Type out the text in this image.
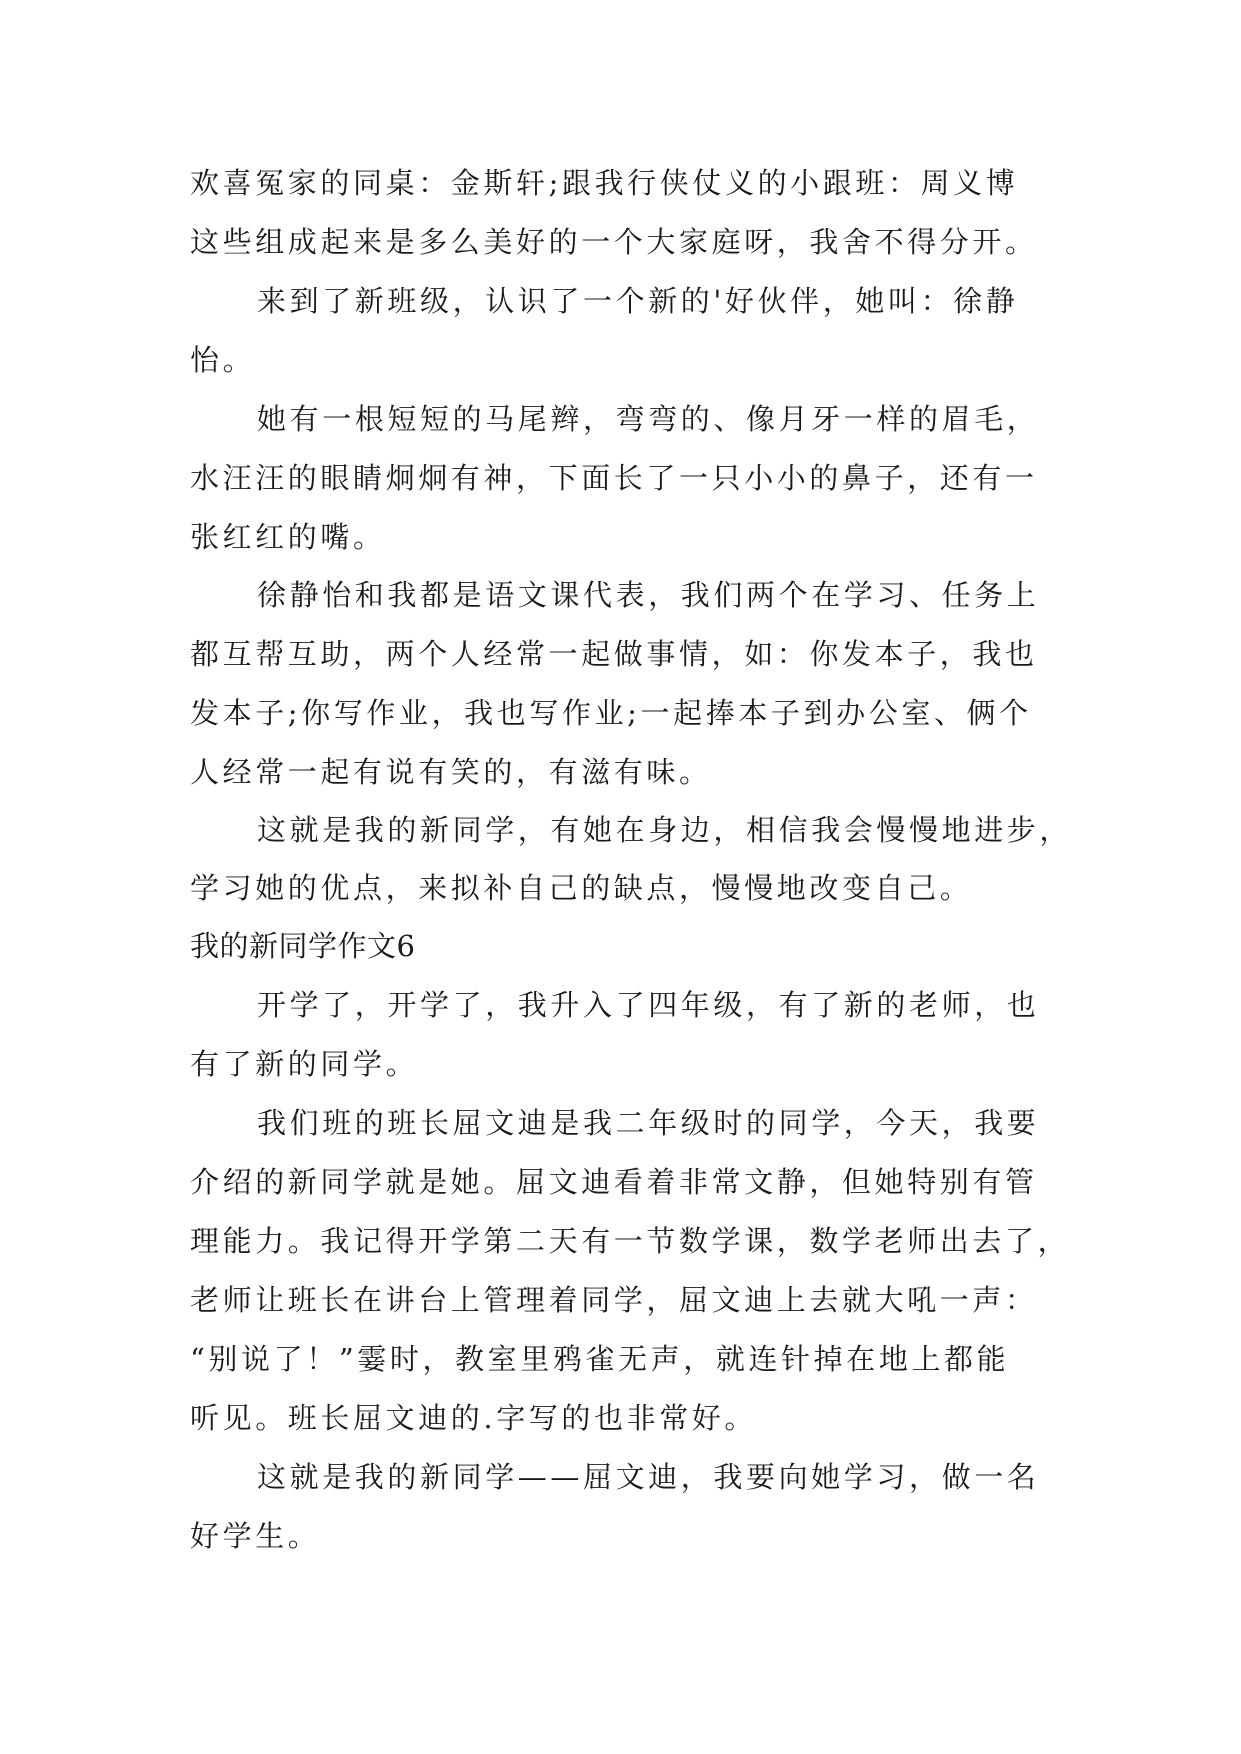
欢喜冤家的同桌：金斯轩;跟我行侠仗义的小跟班：周义博
这些组成起来是多么美好的一个大家庭呀，我舍不得分开。
来到了新班级，认识了一个新的'好伙伴，她叫：徐静
怡。
她有一根短短的马尾辫，弯弯的、像月牙一样的眉毛，
水汪汪的眼睛炯炯有神，下面长了一只小小的鼻子，还有一
张红红的嘴。
徐静怡和我都是语文课代表，我们两个在学习、任务上
都互帮互助，两个人经常一起做事情，如：你发本子，我也
发本子;你写作业，我也写作业;一起捧本子到办公室、俩个
人经常一起有说有笑的，有滋有味。
这就是我的新同学，有她在身边，相信我会慢慢地进步，
学习她的优点，来拟补自己的缺点，慢慢地改变自己。
我的新同学作文6
开学了，开学了，我升入了四年级，有了新的老师，也
有了新的同学。
我们班的班长屈文迪是我二年级时的同学，今天，我要
介绍的新同学就是她。屈文迪看着非常文静，但她特别有管
理能力。我记得开学第二天有一节数学课，数学老师出去了，
老师让班长在讲台上管理着同学，屈文迪上去就大吼一声：
“别说了！”霎时，教室里鸦雀无声，就连针掉在地上都能
听见。班长屈文迪的.字写的也非常好。
这就是我的新同学——屈文迪，我要向她学习，做一名
好学生。
